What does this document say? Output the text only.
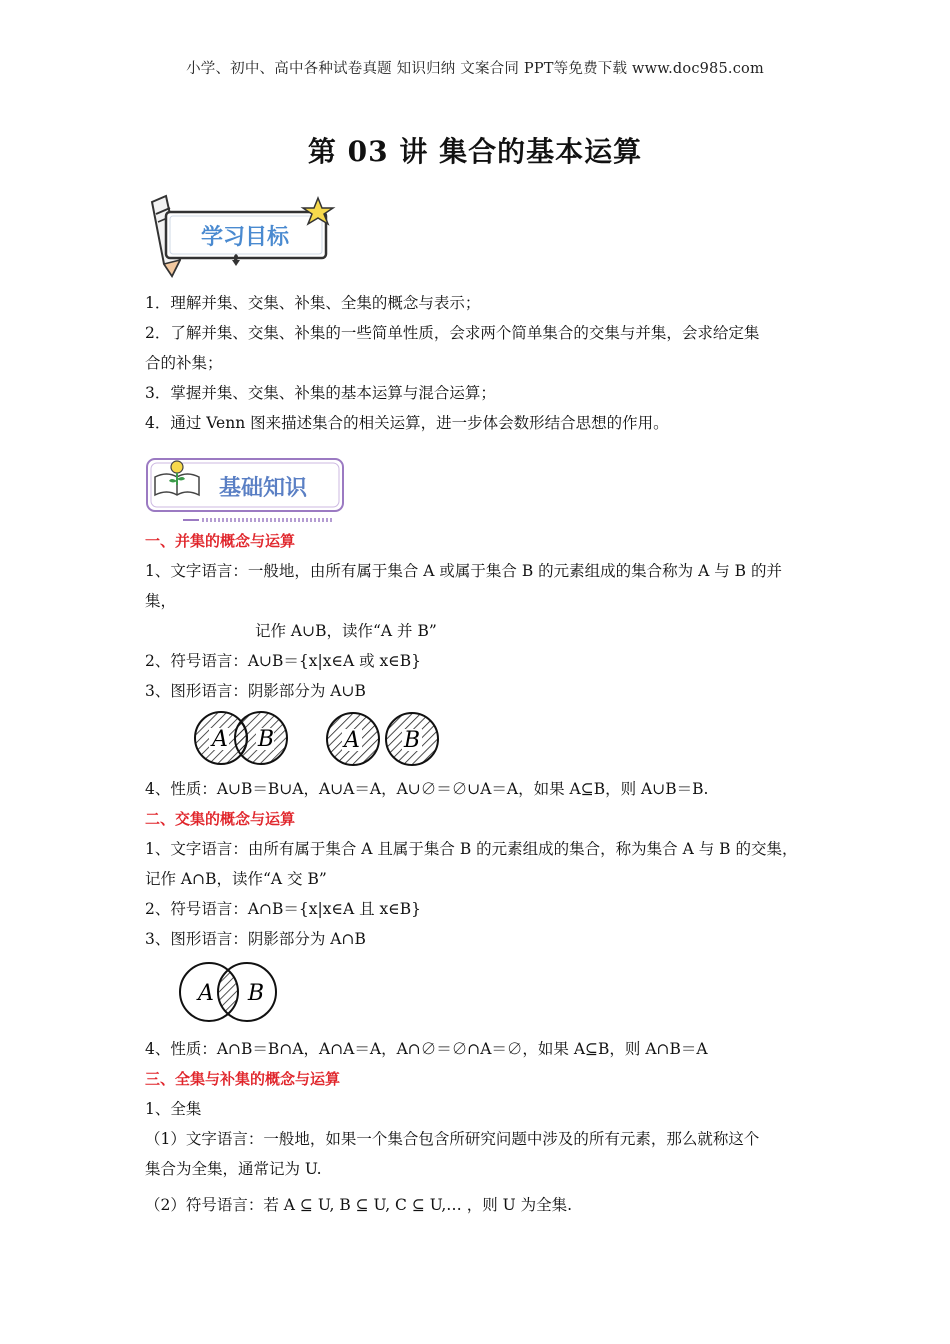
小学、初中、高中各种试卷真题 知识归纳 文案合同 PPT等免费下载 www.doc985.com
第 03 讲 集合的基本运算
学习目标
1．理解并集、交集、补集、全集的概念与表示；
2．了解并集、交集、补集的一些简单性质，会求两个简单集合的交集与并集，会求给定集
合的补集；
3．掌握并集、交集、补集的基本运算与混合运算；
4．通过 Venn 图来描述集合的相关运算，进一步体会数形结合思想的作用。
基础知识
一、并集的概念与运算
1、文字语言：一般地，由所有属于集合 A 或属于集合 B 的元素组成的集合称为 A 与 B 的并
集，
记作 A∪B，读作“A 并 B”
2、符号语言：A∪B＝{x|x∈A 或 x∈B}
3、图形语言：阴影部分为 A∪B
A B	A B
4、性质：A∪B＝B∪A，A∪A＝A，A∪∅＝∅∪A＝A，如果 A⊆B，则 A∪B＝B.
二、交集的概念与运算
1、文字语言：由所有属于集合 A 且属于集合 B 的元素组成的集合，称为集合 A 与 B 的交集，
记作 A∩B，读作“A 交 B”
2、符号语言：A∩B＝{x|x∈A 且 x∈B}
3、图形语言：阴影部分为 A∩B
A B
4、性质：A∩B＝B∩A，A∩A＝A，A∩∅＝∅∩A＝∅，如果 A⊆B，则 A∩B＝A
三、全集与补集的概念与运算
1、全集
（1）文字语言：一般地，如果一个集合包含所研究问题中涉及的所有元素，那么就称这个
集合为全集，通常记为 U.
（2）符号语言：若 A ⊆ U, B ⊆ U, C ⊆ U,… ，则 U 为全集.
